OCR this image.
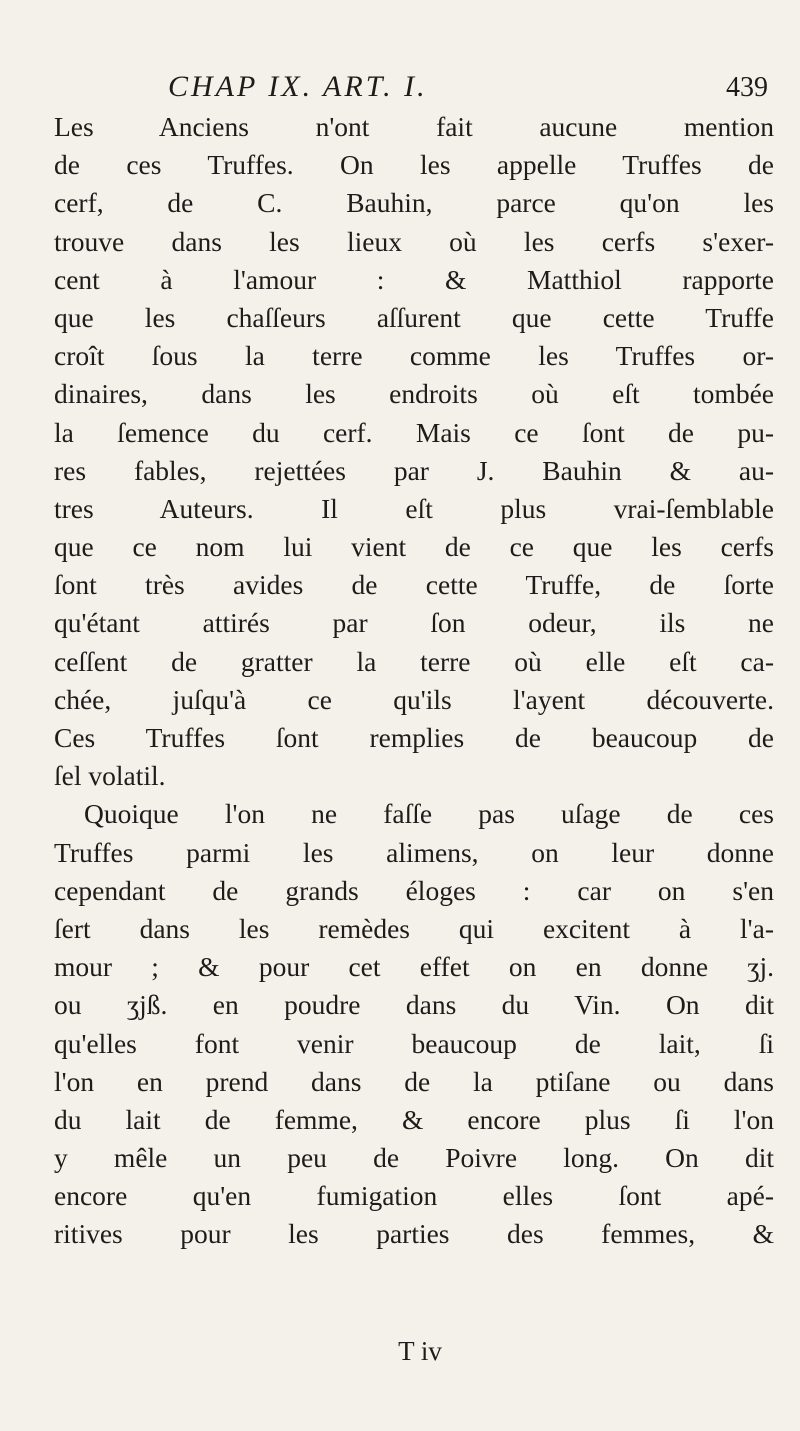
CHAP IX. ART. I.	439
Les Anciens n'ont fait aucune mention
de ces Truffes. On les appelle Truffes de
cerf, de C. Bauhin, parce qu'on les
trouve dans les lieux où les cerfs s'exer-
cent à l'amour : & Matthiol rapporte
que les chaſſeurs aſſurent que cette Truffe
croît ſous la terre comme les Truffes or-
dinaires, dans les endroits où eſt tombée
la ſemence du cerf. Mais ce ſont de pu-
res fables, rejettées par J. Bauhin & au-
tres Auteurs. Il eſt plus vrai-ſemblable
que ce nom lui vient de ce que les cerfs
ſont très avides de cette Truffe, de ſorte
qu'étant attirés par ſon odeur, ils ne
ceſſent de gratter la terre où elle eſt ca-
chée, juſqu'à ce qu'ils l'ayent découverte.
Ces Truffes ſont remplies de beaucoup de
ſel volatil.
Quoique l'on ne faſſe pas uſage de ces
Truffes parmi les alimens, on leur donne
cependant de grands éloges : car on s'en
ſert dans les remèdes qui excitent à l'a-
mour ; & pour cet effet on en donne ʒj.
ou ʒjß. en poudre dans du Vin. On dit
qu'elles font venir beaucoup de lait, ſi
l'on en prend dans de la ptiſane ou dans
du lait de femme, & encore plus ſi l'on
y mêle un peu de Poivre long. On dit
encore qu'en fumigation elles ſont apé-
ritives pour les parties des femmes, &
T iv
